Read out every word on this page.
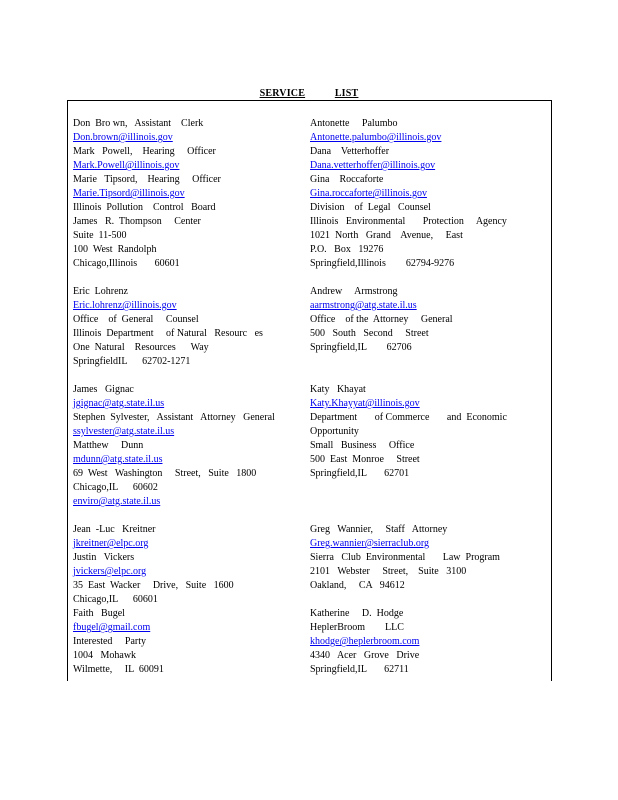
SERVICE	LIST
Don  Bro wn,   Assistant    Clerk
Don.brown@illinois.gov
Mark   Powell,    Hearing     Officer
Mark.Powell@illinois.gov
Marie   Tipsord,    Hearing     Officer
Marie.Tipsord@illinois.gov
Illinois  Pollution    Control   Board
James   R.  Thompson     Center
Suite  11-500
100  West  Randolph
Chicago,Illinois       60601
Eric  Lohrenz
Eric.lohrenz@illinois.gov
Office    of  General     Counsel
Illinois  Department     of Natural   Resourc   es
One  Natural    Resources      Way
SpringfieldIL      62702-1271
James   Gignac
jgignac@atg.state.il.us
Stephen  Sylvester,   Assistant   Attorney   General
ssylvester@atg.state.il.us
Matthew     Dunn
mdunn@atg.state.il.us
69  West   Washington     Street,   Suite   1800
Chicago,IL      60602
enviro@atg.state.il.us
Jean  -Luc   Kreitner
jkreitner@elpc.org
Justin   Vickers
jvickers@elpc.org
35  East  Wacker     Drive,   Suite   1600
Chicago,IL      60601
Faith   Bugel
fbugel@gmail.com
Interested     Party
1004   Mohawk
Wilmette,     IL  60091
Antonette     Palumbo
Antonette.palumbo@illinois.gov
Dana    Vetterhoffer
Dana.vetterhoffer@illinois.gov
Gina    Roccaforte
Gina.roccaforte@illinois.gov
Division    of  Legal   Counsel
Illinois   Environmental       Protection     Agency
1021  North   Grand    Avenue,     East
P.O.   Box   19276
Springfield,Illinois        62794-9276
Andrew     Armstrong
aarmstrong@atg.state.il.us
Office    of the  Attorney     General
500   South   Second     Street
Springfield,IL        62706
Katy   Khayat
Katy.Khayyat@illinois.gov
Department       of Commerce       and  Economic
Opportunity
Small   Business     Office
500  East  Monroe     Street
Springfield,IL       62701
Greg   Wannier,     Staff   Attorney
Greg.wannier@sierraclub.org
Sierra   Club  Environmental       Law  Program
2101   Webster     Street,    Suite   3100
Oakland,     CA   94612
Katherine     D.  Hodge
HeplerBroom        LLC
khodge@heplerbroom.com
4340   Acer   Grove   Drive
Springfield,IL       62711
